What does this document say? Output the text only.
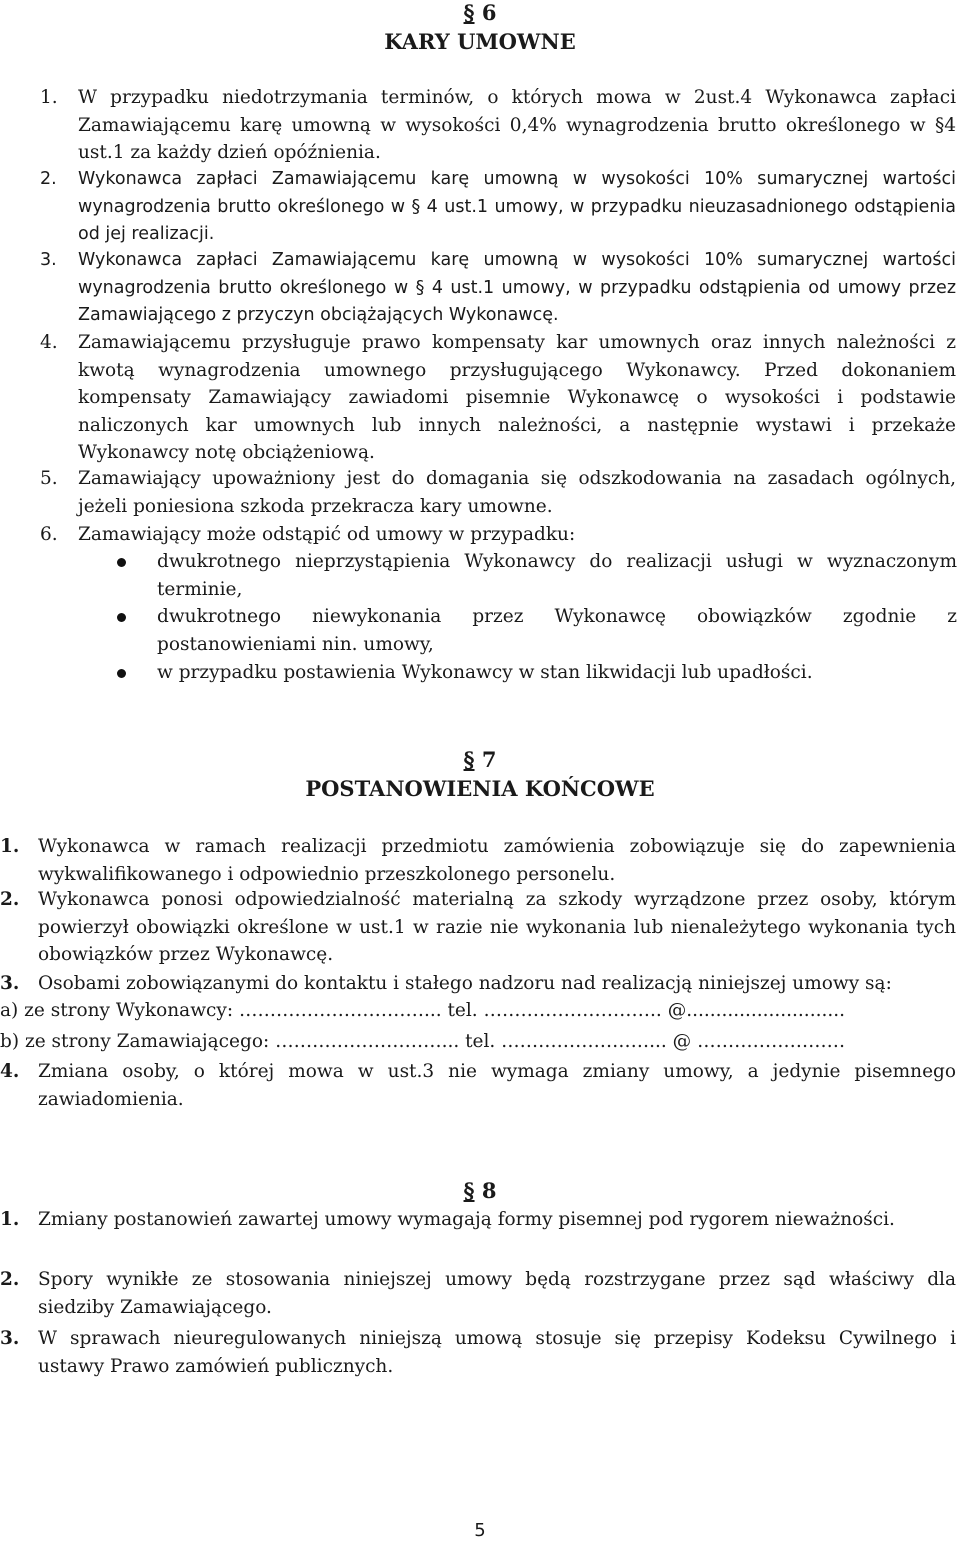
§ 6
KARY UMOWNE
1. W przypadku niedotrzymania terminów, o których mowa w 2ust.4 Wykonawca zapłaci Zamawiającemu karę umowną w wysokości 0,4% wynagrodzenia brutto określonego w §4 ust.1 za każdy dzień opóźnienia.
2. Wykonawca zapłaci Zamawiającemu karę umowną w wysokości 10% sumarycznej wartości wynagrodzenia brutto określonego w § 4 ust.1 umowy, w przypadku nieuzasadnionego odstąpienia od jej realizacji.
3. Wykonawca zapłaci Zamawiającemu karę umowną w wysokości 10% sumarycznej wartości wynagrodzenia brutto określonego w § 4 ust.1 umowy, w przypadku odstąpienia od umowy przez Zamawiającego z przyczyn obciążających Wykonawcę.
4. Zamawiającemu przysługuje prawo kompensaty kar umownych oraz innych należności z kwotą wynagrodzenia umownego przysługującego Wykonawcy. Przed dokonaniem kompensaty Zamawiający zawiadomi pisemnie Wykonawcę o wysokości i podstawie naliczonych kar umownych lub innych należności, a następnie wystawi i przekaże Wykonawcy notę obciążeniową.
5. Zamawiający upoważniony jest do domagania się odszkodowania na zasadach ogólnych, jeżeli poniesiona szkoda przekracza kary umowne.
6. Zamawiający może odstąpić od umowy w przypadku:
dwukrotnego nieprzystąpienia Wykonawcy do realizacji usługi w wyznaczonym terminie,
dwukrotnego niewykonania przez Wykonawcę obowiązków zgodnie z postanowieniami nin. umowy,
w przypadku postawienia Wykonawcy w stan likwidacji lub upadłości.
§ 7
POSTANOWIENIA KOŃCOWE
1. Wykonawca w ramach realizacji przedmiotu zamówienia zobowiązuje się do zapewnienia wykwalifikowanego i odpowiednio przeszkolonego personelu.
2. Wykonawca ponosi odpowiedzialność materialną za szkody wyrządzone przez osoby, którym powierzył obowiązki określone w ust.1 w razie nie wykonania lub nienależytego wykonania tych obowiązków przez Wykonawcę.
3. Osobami zobowiązanymi do kontaktu i stałego nadzoru nad realizacją niniejszej umowy są:
a) ze strony Wykonawcy: …………………………... tel. ……………………….. @...........................
b) ze strony Zamawiającego: ………………………... tel. ……………………... @ ……………………
4. Zmiana osoby, o której mowa w ust.3 nie wymaga zmiany umowy, a jedynie pisemnego zawiadomienia.
§ 8
1. Zmiany postanowień zawartej umowy wymagają formy pisemnej pod rygorem nieważności.
2. Spory wynikłe ze stosowania niniejszej umowy będą rozstrzygane przez sąd właściwy dla siedziby Zamawiającego.
3. W sprawach nieuregulowanych niniejszą umową stosuje się przepisy Kodeksu Cywilnego i ustawy Prawo zamówień publicznych.
5
